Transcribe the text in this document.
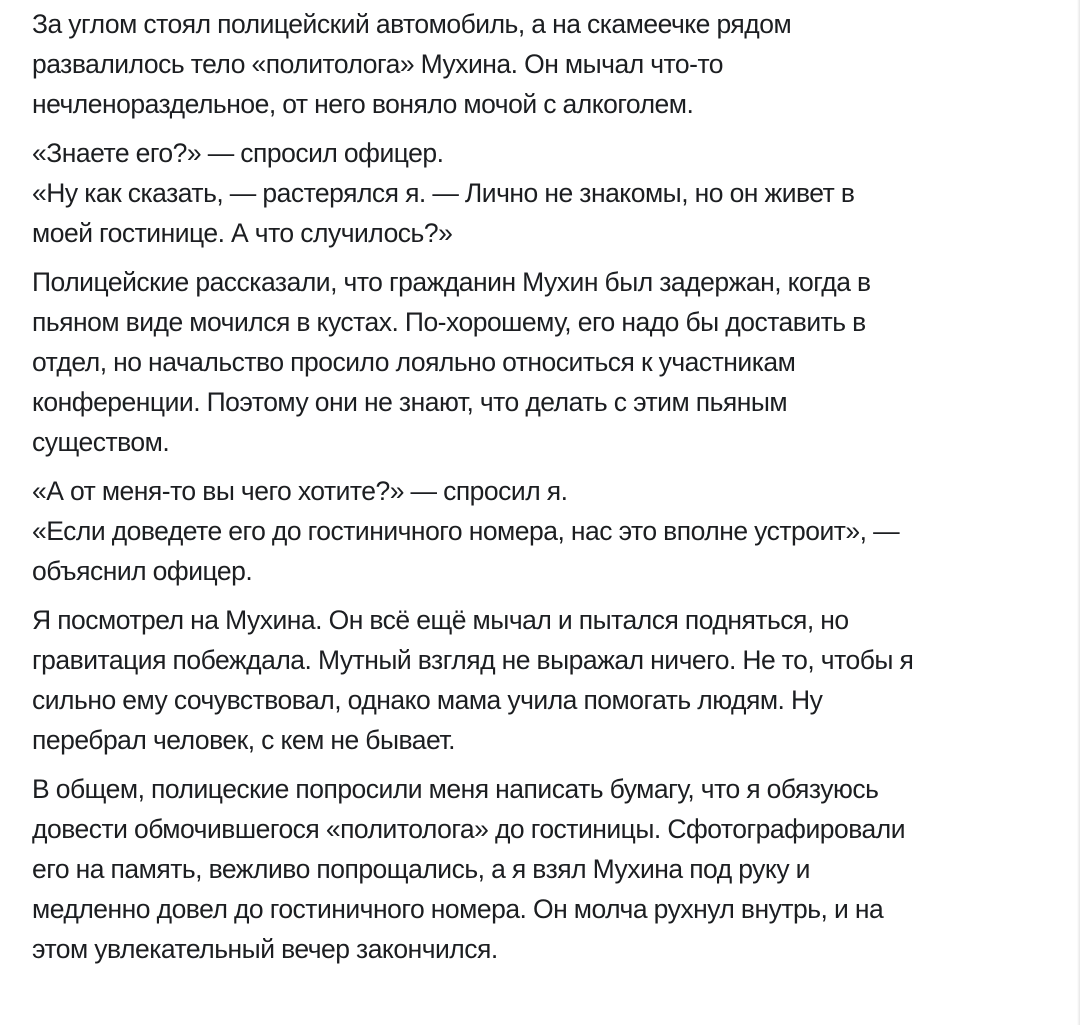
За углом стоял полицейский автомобиль, а на скамеечке рядом
развалилось тело «политолога» Мухина. Он мычал что-то
нечленораздельное, от него воняло мочой с алкоголем.

«Знаете его?» — спросил офицер.
«Ну как сказать, — растерялся я. — Лично не знакомы, но он живет в
моей гостинице. А что случилось?»

Полицейские рассказали, что гражданин Мухин был задержан, когда в
пьяном виде мочился в кустах. По-хорошему, его надо бы доставить в
отдел, но начальство просило лояльно относиться к участникам
конференции. Поэтому они не знают, что делать с этим пьяным
существом.

«А от меня-то вы чего хотите?» — спросил я.
«Если доведете его до гостиничного номера, нас это вполне устроит», —
объяснил офицер.

Я посмотрел на Мухина. Он всё ещё мычал и пытался подняться, но
гравитация побеждала. Мутный взгляд не выражал ничего. Не то, чтобы я
сильно ему сочувствовал, однако мама учила помогать людям. Ну
перебрал человек, с кем не бывает.

В общем, полицеские попросили меня написать бумагу, что я обязуюсь
довести обмочившегося «политолога» до гостиницы. Сфотографировали
его на память, вежливо попрощались, а я взял Мухина под руку и
медленно довел до гостиничного номера. Он молча рухнул внутрь, и на
этом увлекательный вечер закончился.
